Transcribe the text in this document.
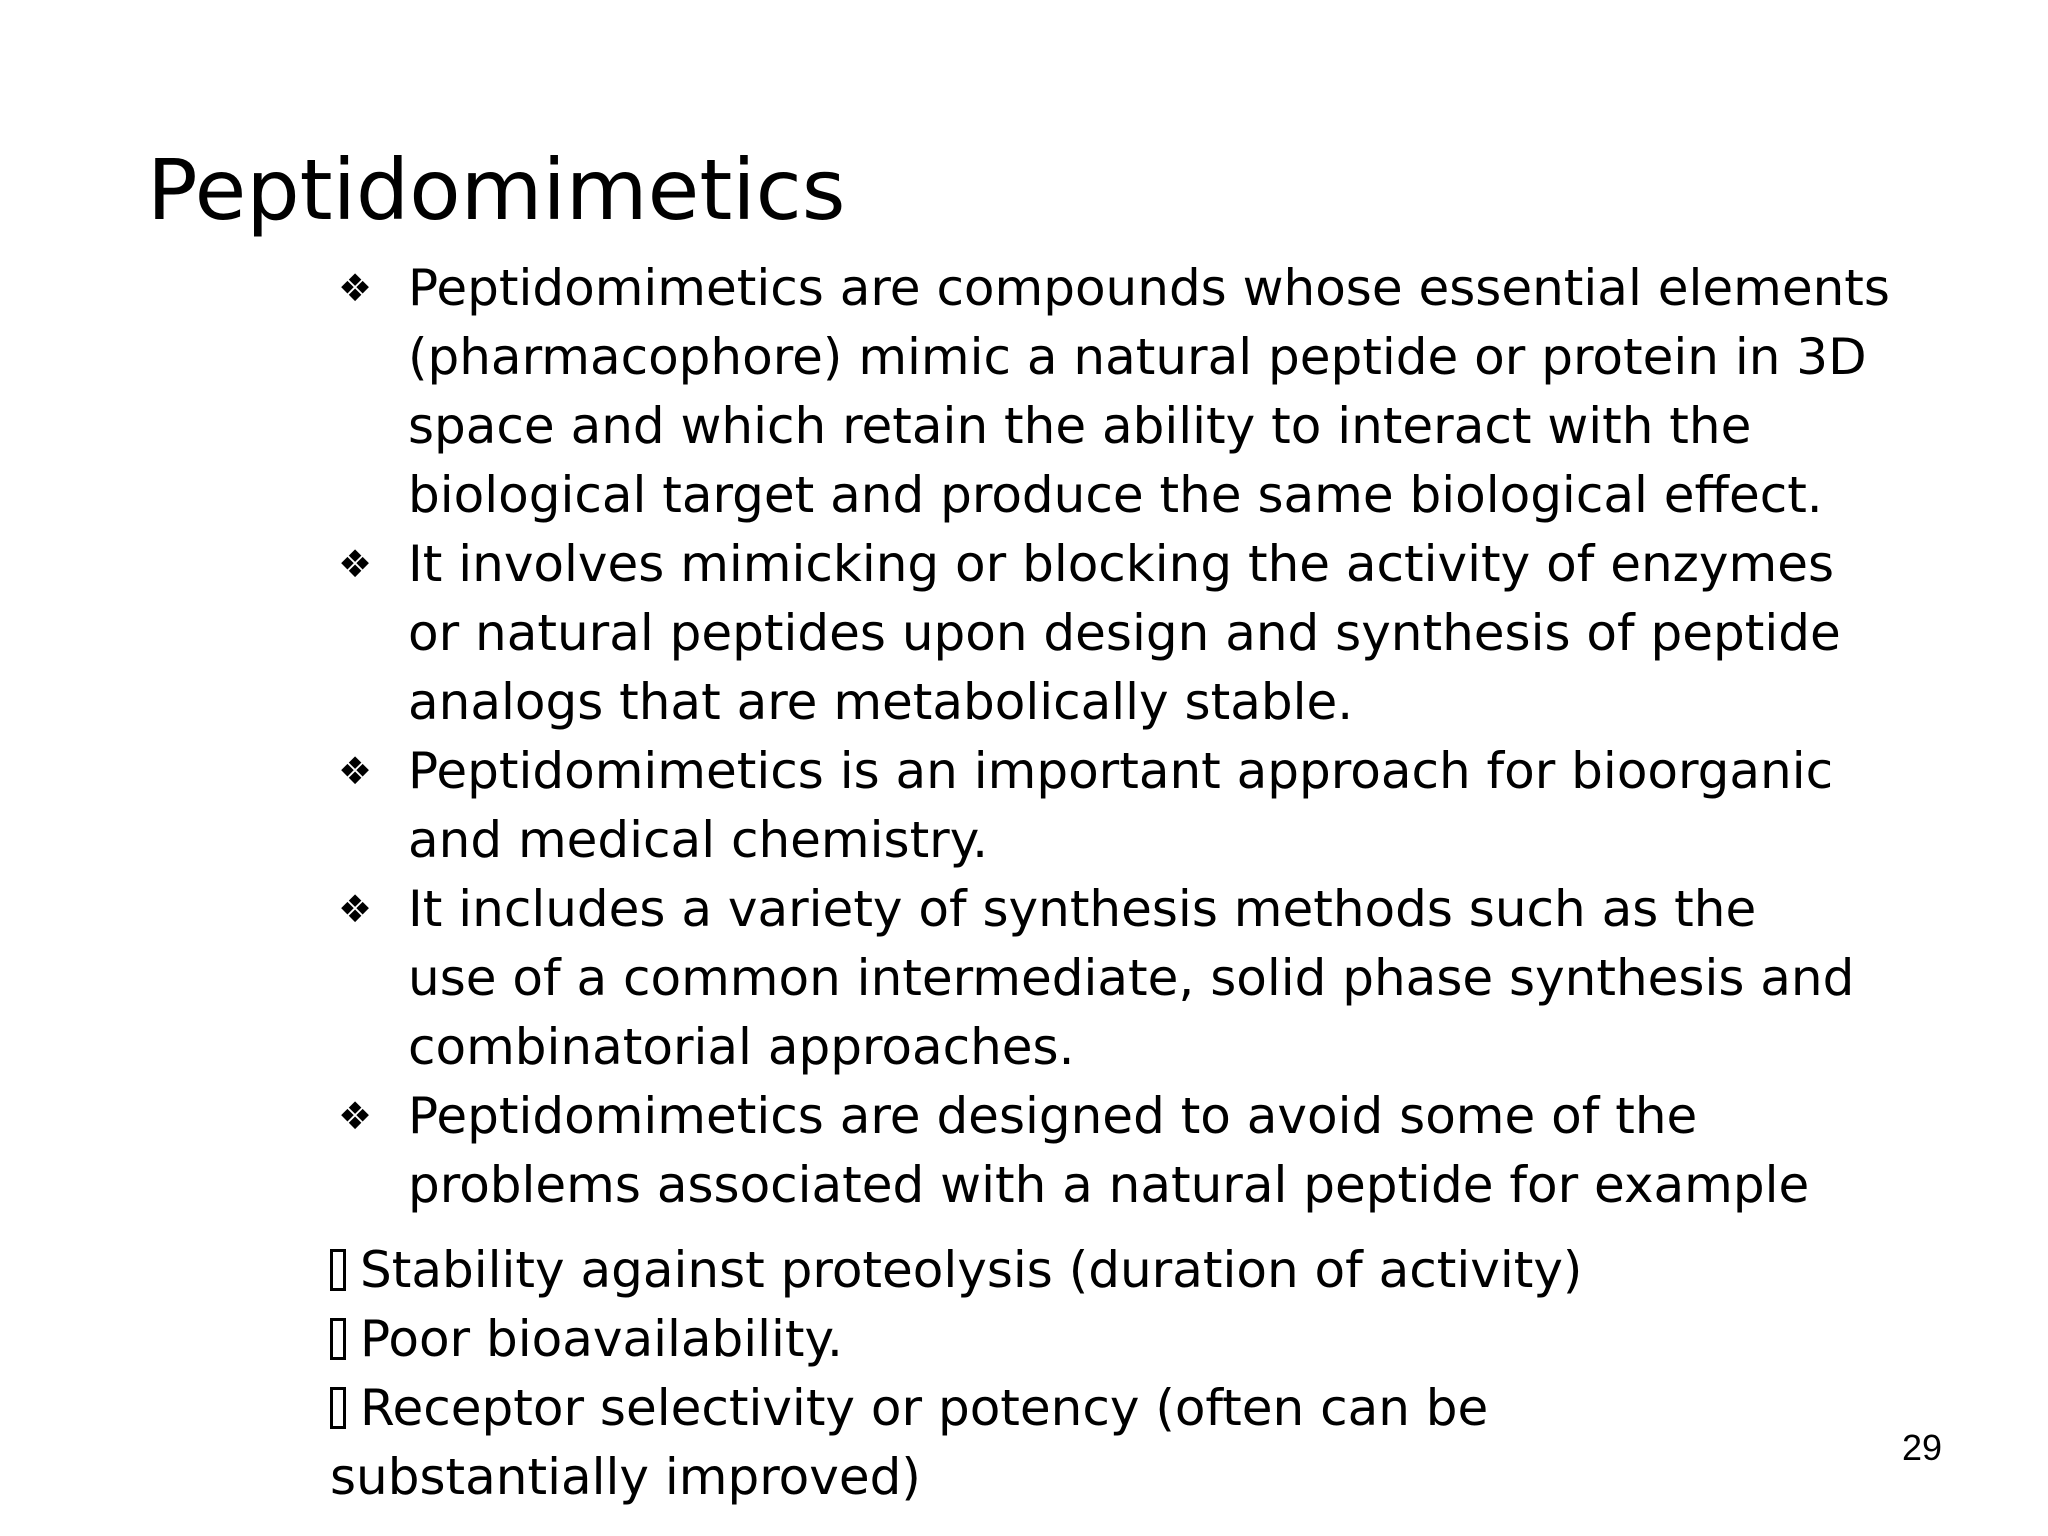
Peptidomimetics
❖ Peptidomimetics are compounds whose essential elements
(pharmacophore) mimic a natural peptide or protein in 3D
space and which retain the ability to interact with the
biological target and produce the same biological effect.
❖ It involves mimicking or blocking the activity of enzymes
or natural peptides upon design and synthesis of peptide
analogs that are metabolically stable.
❖ Peptidomimetics is an important approach for bioorganic
and medical chemistry.
❖ It includes a variety of synthesis methods such as the
use of a common intermediate, solid phase synthesis and
combinatorial approaches.
❖ Peptidomimetics are designed to avoid some of the
problems associated with a natural peptide for example
Stability against proteolysis (duration of activity)
Poor bioavailability.
Receptor selectivity or potency (often can be
substantially improved)
29
